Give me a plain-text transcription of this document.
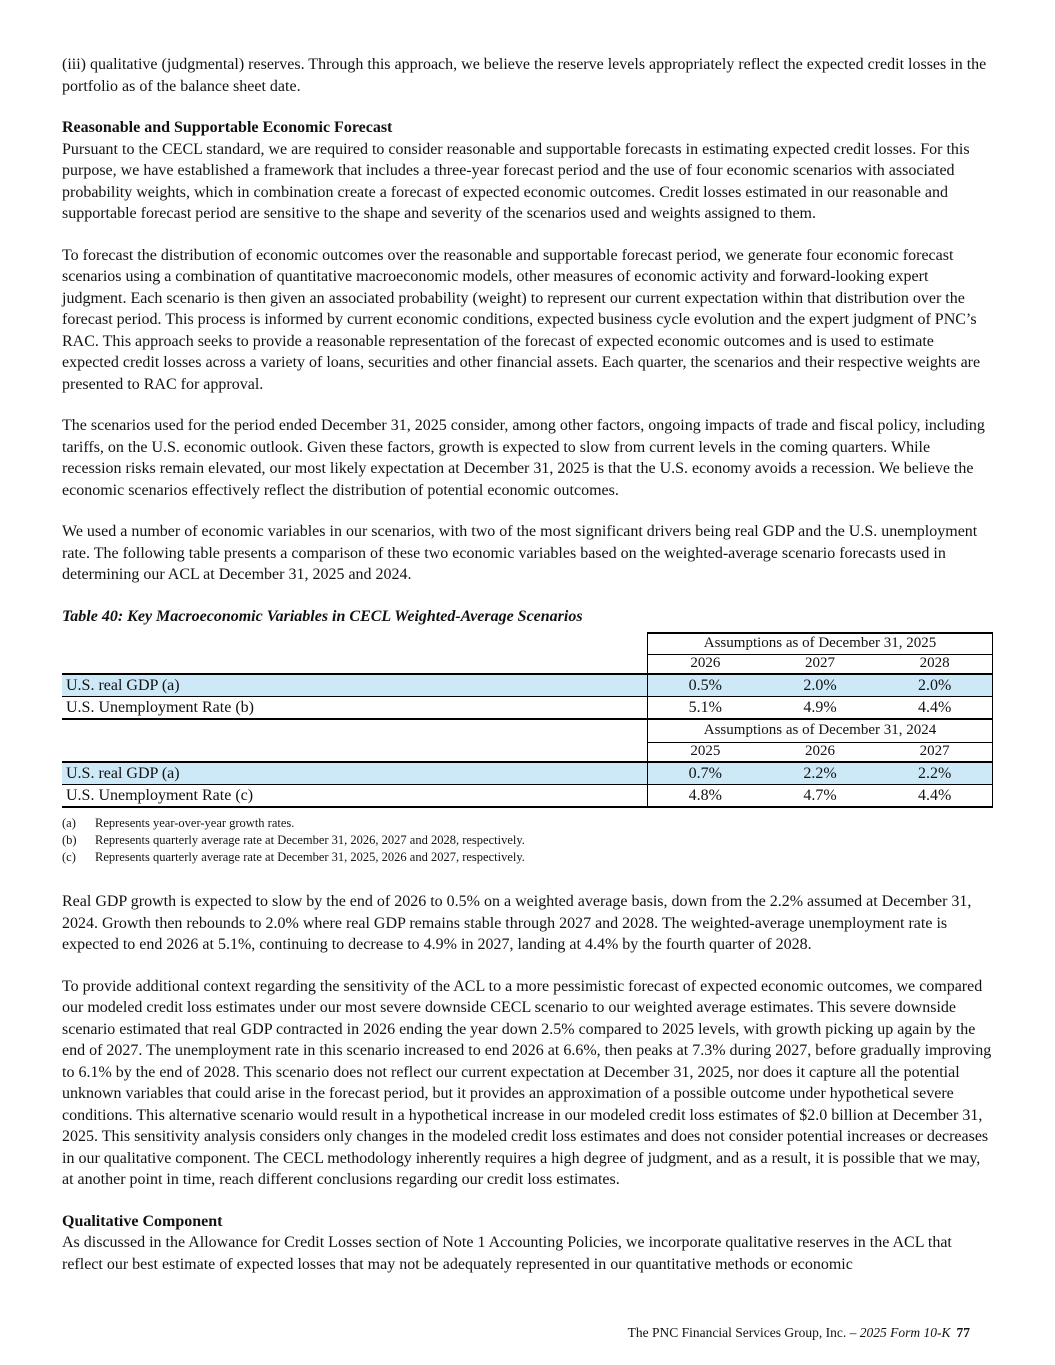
(iii) qualitative (judgmental) reserves. Through this approach, we believe the reserve levels appropriately reflect the expected credit losses in the portfolio as of the balance sheet date.

Reasonable and Supportable Economic Forecast

Pursuant to the CECL standard, we are required to consider reasonable and supportable forecasts in estimating expected credit losses. For this purpose, we have established a framework that includes a three-year forecast period and the use of four economic scenarios with associated probability weights, which in combination create a forecast of expected economic outcomes. Credit losses estimated in our reasonable and supportable forecast period are sensitive to the shape and severity of the scenarios used and weights assigned to them.

To forecast the distribution of economic outcomes over the reasonable and supportable forecast period, we generate four economic forecast scenarios using a combination of quantitative macroeconomic models, other measures of economic activity and forward-looking expert judgment. Each scenario is then given an associated probability (weight) to represent our current expectation within that distribution over the forecast period. This process is informed by current economic conditions, expected business cycle evolution and the expert judgment of PNC’s RAC. This approach seeks to provide a reasonable representation of the forecast of expected economic outcomes and is used to estimate expected credit losses across a variety of loans, securities and other financial assets. Each quarter, the scenarios and their respective weights are presented to RAC for approval.

The scenarios used for the period ended December 31, 2025 consider, among other factors, ongoing impacts of trade and fiscal policy, including tariffs, on the U.S. economic outlook. Given these factors, growth is expected to slow from current levels in the coming quarters. While recession risks remain elevated, our most likely expectation at December 31, 2025 is that the U.S. economy avoids a recession. We believe the economic scenarios effectively reflect the distribution of potential economic outcomes.

We used a number of economic variables in our scenarios, with two of the most significant drivers being real GDP and the U.S. unemployment rate. The following table presents a comparison of these two economic variables based on the weighted-average scenario forecasts used in determining our ACL at December 31, 2025 and 2024.

Table 40: Key Macroeconomic Variables in CECL Weighted-Average Scenarios
Assumptions as of December 31, 2025
2026	2027	2028
U.S. real GDP (a)	0.5%	2.0%	2.0%
U.S. Unemployment Rate (b)	5.1%	4.9%	4.4%
Assumptions as of December 31, 2024
2025	2026	2027
U.S. real GDP (a)	0.7%	2.2%	2.2%
U.S. Unemployment Rate (c)	4.8%	4.7%	4.4%
(a)	Represents year-over-year growth rates.
(b)	Represents quarterly average rate at December 31, 2026, 2027 and 2028, respectively.
(c)	Represents quarterly average rate at December 31, 2025, 2026 and 2027, respectively.

Real GDP growth is expected to slow by the end of 2026 to 0.5% on a weighted average basis, down from the 2.2% assumed at December 31, 2024. Growth then rebounds to 2.0% where real GDP remains stable through 2027 and 2028. The weighted-average unemployment rate is expected to end 2026 at 5.1%, continuing to decrease to 4.9% in 2027, landing at 4.4% by the fourth quarter of 2028.

To provide additional context regarding the sensitivity of the ACL to a more pessimistic forecast of expected economic outcomes, we compared our modeled credit loss estimates under our most severe downside CECL scenario to our weighted average estimates. This severe downside scenario estimated that real GDP contracted in 2026 ending the year down 2.5% compared to 2025 levels, with growth picking up again by the end of 2027. The unemployment rate in this scenario increased to end 2026 at 6.6%, then peaks at 7.3% during 2027, before gradually improving to 6.1% by the end of 2028. This scenario does not reflect our current expectation at December 31, 2025, nor does it capture all the potential unknown variables that could arise in the forecast period, but it provides an approximation of a possible outcome under hypothetical severe conditions. This alternative scenario would result in a hypothetical increase in our modeled credit loss estimates of $2.0 billion at December 31, 2025. This sensitivity analysis considers only changes in the modeled credit loss estimates and does not consider potential increases or decreases in our qualitative component. The CECL methodology inherently requires a high degree of judgment, and as a result, it is possible that we may, at another point in time, reach different conclusions regarding our credit loss estimates.

Qualitative Component

As discussed in the Allowance for Credit Losses section of Note 1 Accounting Policies, we incorporate qualitative reserves in the ACL that reflect our best estimate of expected losses that may not be adequately represented in our quantitative methods or economic

The PNC Financial Services Group, Inc. – 2025 Form 10-K 77
